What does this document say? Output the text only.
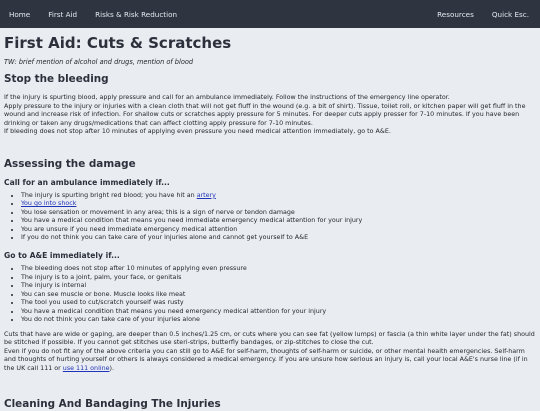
Home	First Aid	Risks & Risk Reduction	Resources	Quick Esc.
First Aid: Cuts & Scratches
TW: brief mention of alcohol and drugs, mention of blood
Stop the bleeding

If the injury is spurting blood, apply pressure and call for an ambulance immediately. Follow the instructions of the emergency line operator.
Apply pressure to the injury or injuries with a clean cloth that will not get fluff in the wound (e.g. a bit of shirt). Tissue, toilet roll, or kitchen paper will get fluff in the wound and increase risk of infection. For shallow cuts or scratches apply pressure for 5 minutes. For deeper cuts apply presser for 7-10 minutes. If you have been drinking or taken any drugs/medications that can affect clotting apply pressure for 7-10 minutes.
If bleeding does not stop after 10 minutes of applying even pressure you need medical attention immediately, go to A&E.

Assessing the damage
Call for an ambulance immediately if...
• The injury is spurting bright red blood; you have hit an artery
• You go into shock
• You lose sensation or movement in any area; this is a sign of nerve or tendon damage
• You have a medical condition that means you need immediate emergency medical attention for your injury
• You are unsure if you need immediate emergency medical attention
• If you do not think you can take care of your injuries alone and cannot get yourself to A&E
Go to A&E immediately if...
• The bleeding does not stop after 10 minutes of applying even pressure
• The injury is to a joint, palm, your face, or genitals
• The injury is internal
• You can see muscle or bone. Muscle looks like meat
• The tool you used to cut/scratch yourself was rusty
• You have a medical condition that means you need emergency medical attention for your injury
• You do not think you can take care of your injuries alone

Cuts that have are wide or gaping, are deeper than 0.5 inches/1.25 cm, or cuts where you can see fat (yellow lumps) or fascia (a thin white layer under the fat) should be stitched if possible. If you cannot get stitches use steri-strips, butterfly bandages, or zip-stitches to close the cut.
Even if you do not fit any of the above criteria you can still go to A&E for self-harm, thoughts of self-harm or suicide, or other mental health emergencies. Self-harm and thoughts of hurting yourself or others is always considered a medical emergency. If you are unsure how serious an injury is, call your local A&E's nurse line (if in the UK call 111 or use 111 online).

Cleaning And Bandaging The Injuries
